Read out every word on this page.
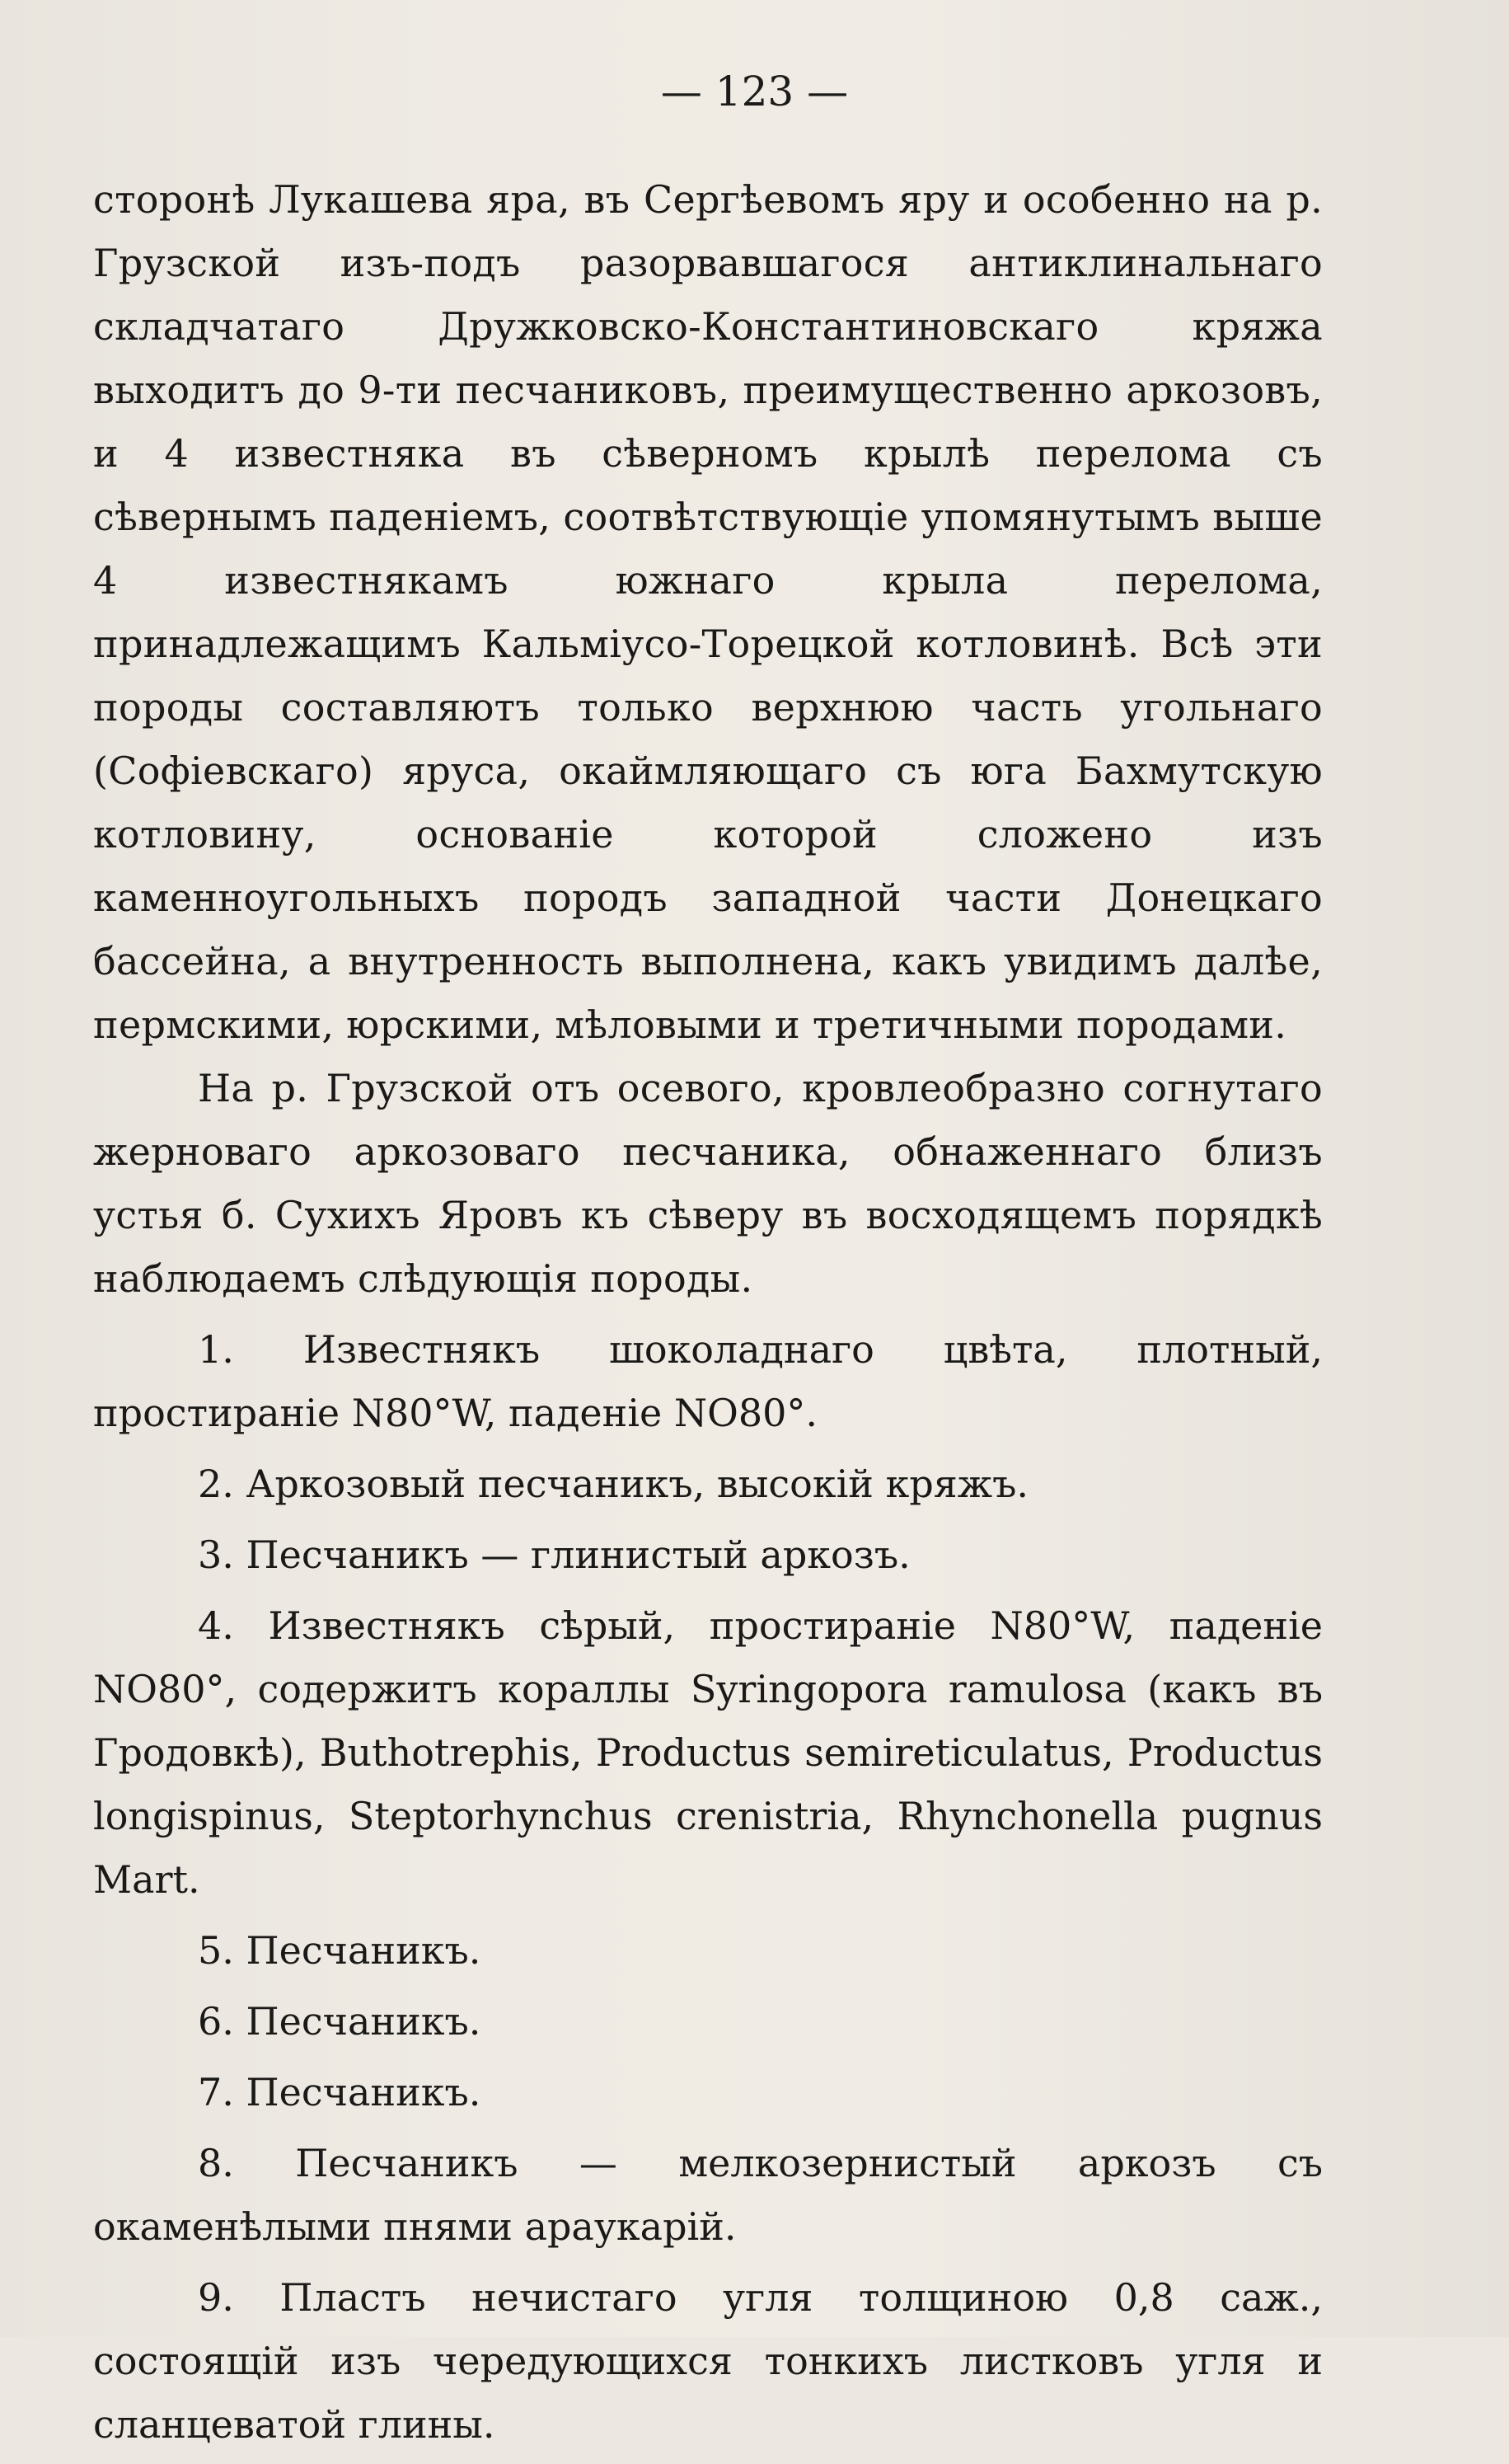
— 123 —

сторонѣ Лукашева яра, въ Сергѣевомъ яру и особенно на р. Грузской изъ-подъ разорвавшагося антиклинальнаго складчатаго Дружковско-Константиновскаго кряжа выходитъ до 9-ти песчаниковъ, преимущественно аркозовъ, и 4 известняка въ сѣверномъ крылѣ перелома съ сѣвернымъ паденіемъ, соотвѣтствующіе упомянутымъ выше 4 известнякамъ южнаго крыла перелома, принадлежащимъ Кальміусо-Торецкой котловинѣ. Всѣ эти породы составляютъ только верхнюю часть угольнаго (Софіевскаго) яруса, окаймляющаго съ юга Бахмутскую котловину, основаніе которой сложено изъ каменноугольныхъ породъ западной части Донецкаго бассейна, а внутренность выполнена, какъ увидимъ далѣе, пермскими, юрскими, мѣловыми и третичными породами.

На р. Грузской отъ осевого, кровлеобразно согнутаго жерноваго аркозоваго песчаника, обнаженнаго близъ устья б. Сухихъ Яровъ къ сѣверу въ восходящемъ порядкѣ наблюдаемъ слѣдующія породы.

1. Известнякъ шоколаднаго цвѣта, плотный, простираніе N80°W, паденіе NO80°.

2. Аркозовый песчаникъ, высокій кряжъ.

3. Песчаникъ — глинистый аркозъ.

4. Известнякъ сѣрый, простираніе N80°W, паденіе NO80°, содержитъ кораллы Syringopora ramulosa (какъ въ Гродовкѣ), Buthotrephis, Productus semireticulatus, Productus longispinus, Steptorhynchus crenistria, Rhynchonella pugnus Mart.

5. Песчаникъ.

6. Песчаникъ.

7. Песчаникъ.

8. Песчаникъ — мелкозернистый аркозъ съ окаменѣлыми пнями араукарій.

9. Пластъ нечистаго угля толщиною 0,8 саж., состоящій изъ чередующихся тонкихъ листковъ угля и сланцеватой глины.
